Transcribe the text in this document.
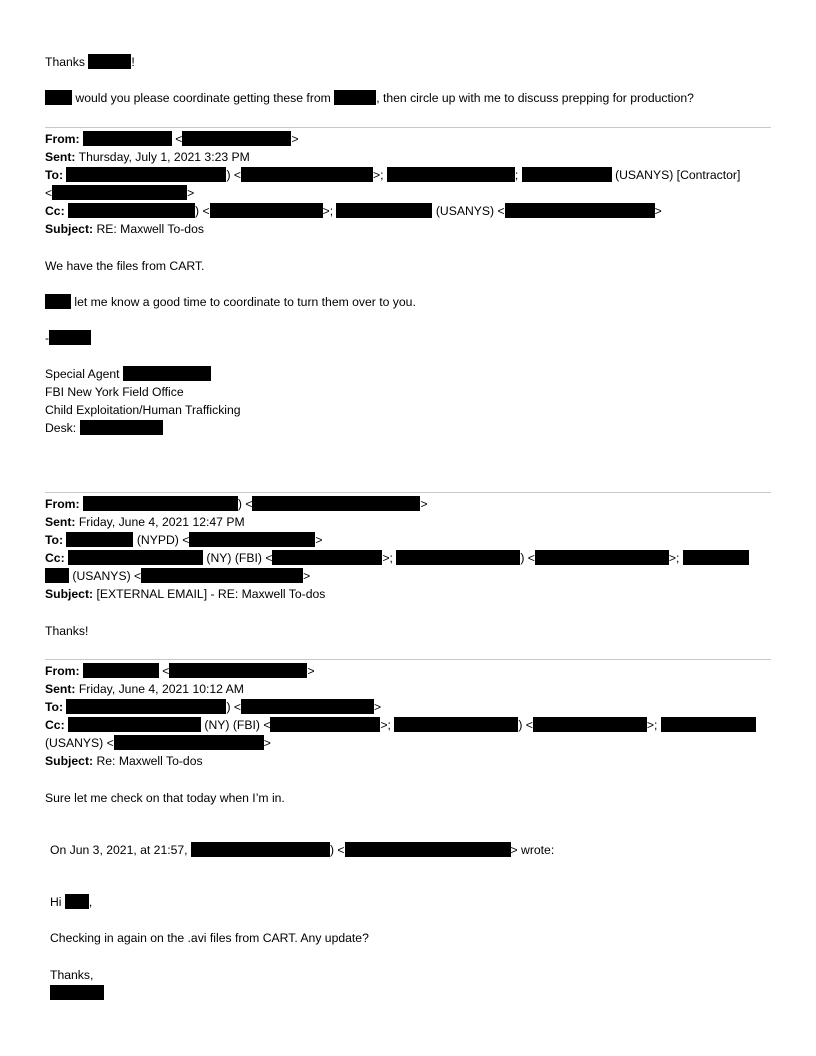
Thanks	!
would you please coordinate getting these from	, then circle up with me to discuss prepping for production?
From:	<	>
Sent: Thursday, July 1, 2021 3:23 PM
To:	) <	>;	;	(USANYS) [Contractor]
<	>
Cc:	) <	>;	(USANYS) <	>
Subject: RE: Maxwell To-dos
We have the files from CART.
let me know a good time to coordinate to turn them over to you.
-
Special Agent
FBI New York Field Office
Child Exploitation/Human Trafficking
Desk:
From:	) <	>
Sent: Friday, June 4, 2021 12:47 PM
To:	(NYPD) <	>
Cc:	(NY) (FBI) <	>;	) <	>;
(USANYS) <	>
Subject: [EXTERNAL EMAIL] - RE: Maxwell To-dos
Thanks!
From:	<	>
Sent: Friday, June 4, 2021 10:12 AM
To:	) <	>
Cc:	(NY) (FBI) <	>;	) <	>;
(USANYS) <	>
Subject: Re: Maxwell To-dos
Sure let me check on that today when I’m in.
On Jun 3, 2021, at 21:57,	) <	> wrote:
Hi ,
Checking in again on the .avi files from CART. Any update?
Thanks,
